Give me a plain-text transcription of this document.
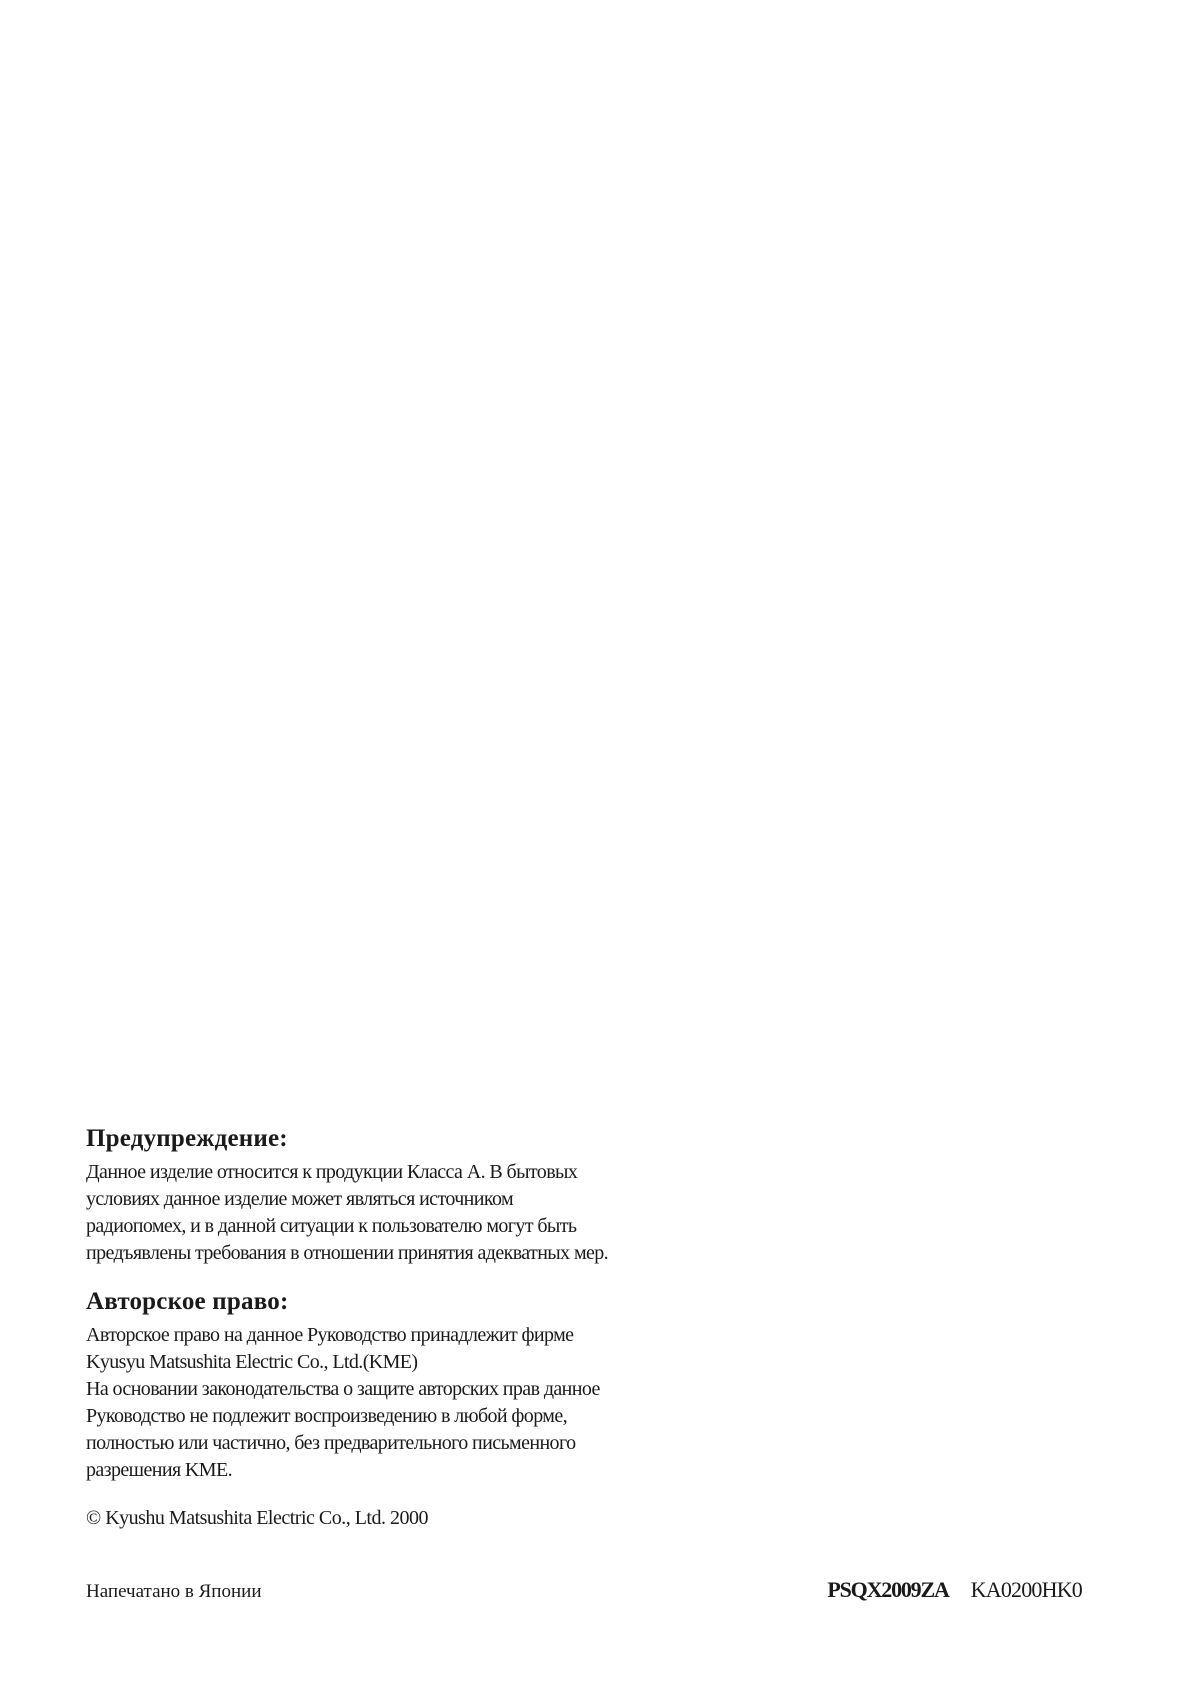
Предупреждение:
Данное изделие относится к продукции Класса А. В бытовых
условиях данное изделие может являться источником
радиопомех, и в данной ситуации к пользователю могут быть
предъявлены требования в отношении принятия адекватных мер.
Авторское право:
Авторское право на данное Руководство принадлежит фирме
Kyusyu Matsushita Electric Co., Ltd.(KME)
На основании законодательства о защите авторских прав данное
Руководство не подлежит воспроизведению в любой форме,
полностью или частично, без предварительного письменного
разрешения KME.
© Kyushu Matsushita Electric Co., Ltd. 2000
Напечатано в Японии	PSQX2009ZA KA0200HK0
